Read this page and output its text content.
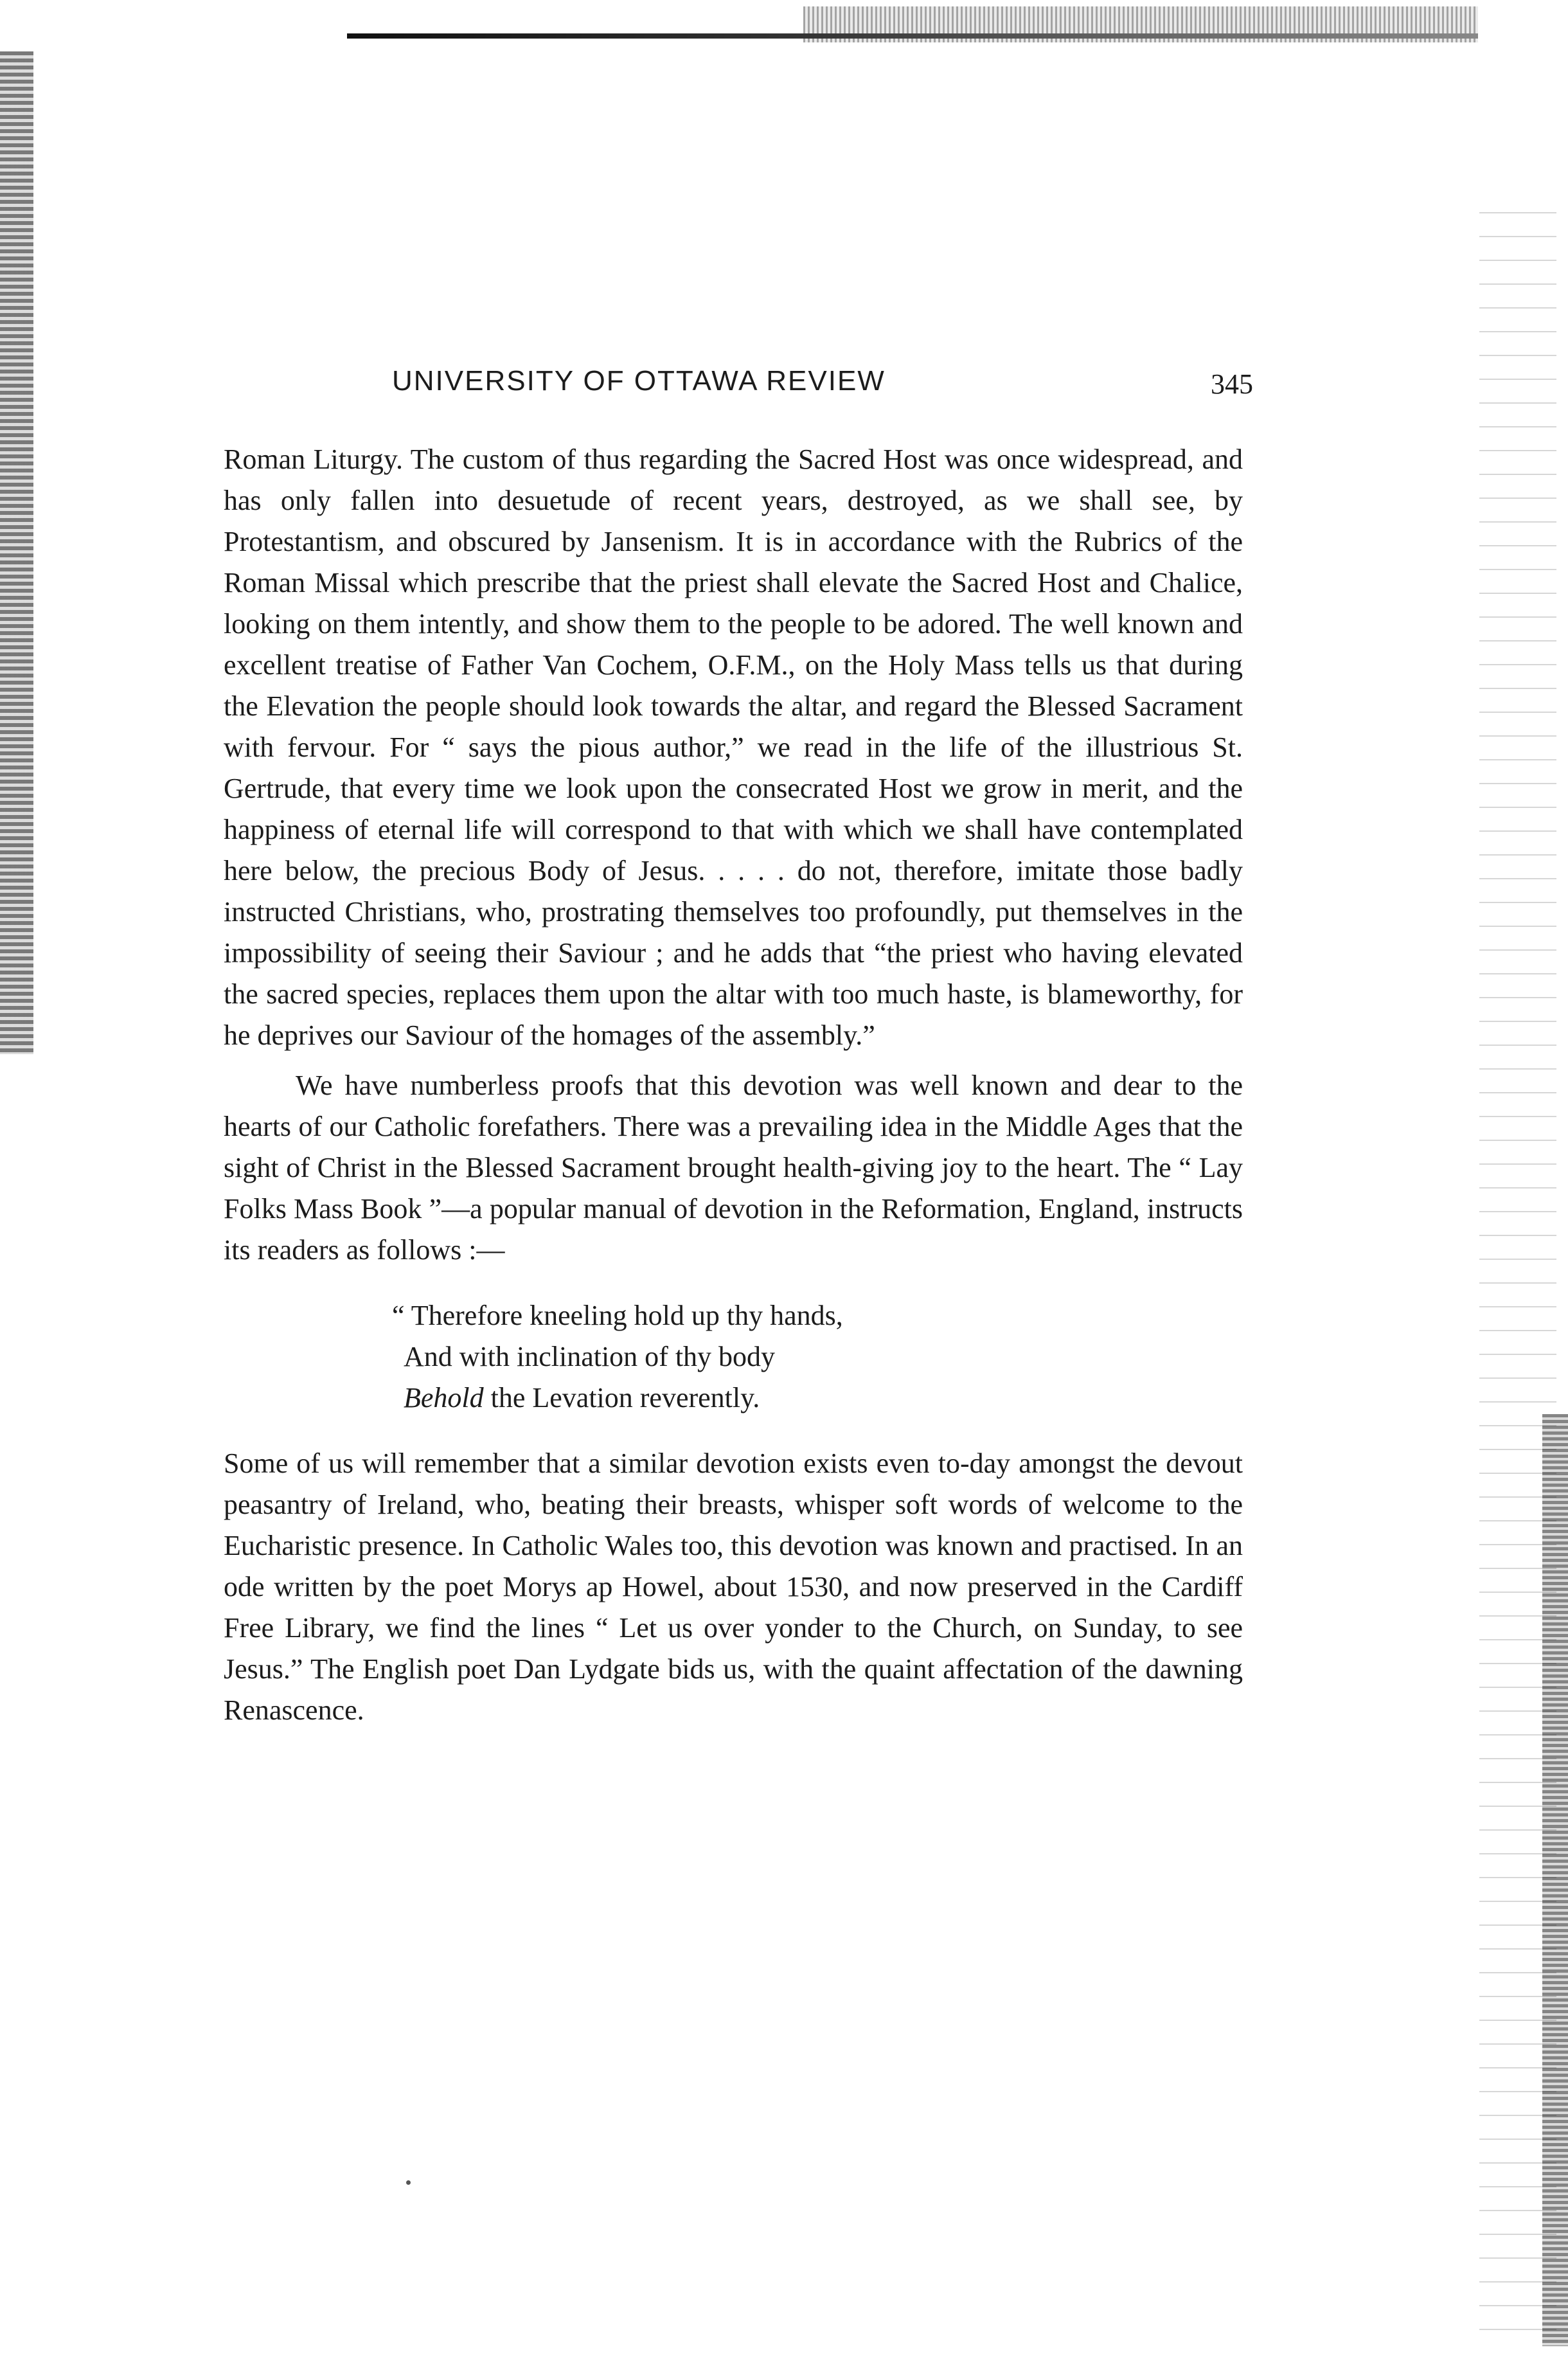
UNIVERSITY OF OTTAWA REVIEW	345

Roman Liturgy. The custom of thus regarding the Sacred Host was once widespread, and has only fallen into desuetude of recent years, destroyed, as we shall see, by Protestantism, and obscured by Jansenism. It is in accordance with the Rubrics of the Roman Missal which prescribe that the priest shall elevate the Sacred Host and Chalice, looking on them intently, and show them to the people to be adored. The well known and excellent treatise of Father Van Cochem, O.F.M., on the Holy Mass tells us that during the Elevation the people should look towards the altar, and regard the Blessed Sacrament with fervour. For “ says the pious author,” we read in the life of the illustrious St. Gertrude, that every time we look upon the consecrated Host we grow in merit, and the happiness of eternal life will correspond to that with which we shall have contemplated here below, the precious Body of Jesus. . . . . do not, therefore, imitate those badly instructed Christians, who, prostrating themselves too profoundly, put themselves in the impossibility of seeing their Saviour ; and he adds that “the priest who having elevated the sacred species, replaces them upon the altar with too much haste, is blameworthy, for he deprives our Saviour of the homages of the assembly.”

We have numberless proofs that this devotion was well known and dear to the hearts of our Catholic forefathers. There was a prevailing idea in the Middle Ages that the sight of Christ in the Blessed Sacrament brought health-giving joy to the heart. The “ Lay Folks Mass Book ”—a popular manual of devotion in the Reformation, England, instructs its readers as follows :—

“ Therefore kneeling hold up thy hands,
And with inclination of thy body
Behold the Levation reverently.

Some of us will remember that a similar devotion exists even to-day amongst the devout peasantry of Ireland, who, beating their breasts, whisper soft words of welcome to the Eucharistic presence. In Catholic Wales too, this devotion was known and practised. In an ode written by the poet Morys ap Howel, about 1530, and now preserved in the Cardiff Free Library, we find the lines “ Let us over yonder to the Church, on Sunday, to see Jesus.” The English poet Dan Lydgate bids us, with the quaint affectation of the dawning Renascence.
